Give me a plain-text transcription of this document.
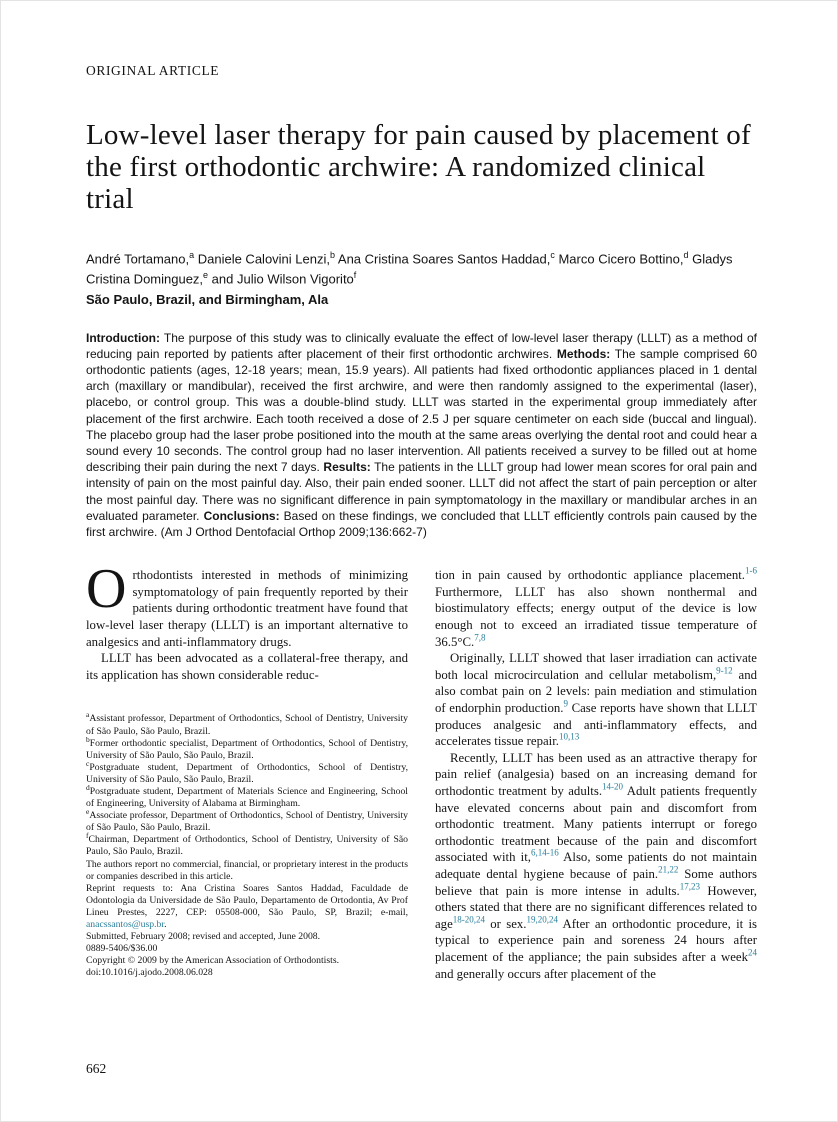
ORIGINAL ARTICLE
Low-level laser therapy for pain caused by placement of the first orthodontic archwire: A randomized clinical trial
André Tortamano,$^a$ Daniele Calovini Lenzi,$^b$ Ana Cristina Soares Santos Haddad,$^c$ Marco Cicero Bottino,$^d$ Gladys Cristina Dominguez,$^e$ and Julio Wilson Vigorito$^f$
São Paulo, Brazil, and Birmingham, Ala
Introduction: The purpose of this study was to clinically evaluate the effect of low-level laser therapy (LLLT) as a method of reducing pain reported by patients after placement of their first orthodontic archwires. Methods: The sample comprised 60 orthodontic patients (ages, 12-18 years; mean, 15.9 years). All patients had fixed orthodontic appliances placed in 1 dental arch (maxillary or mandibular), received the first archwire, and were then randomly assigned to the experimental (laser), placebo, or control group. This was a double-blind study. LLLT was started in the experimental group immediately after placement of the first archwire. Each tooth received a dose of 2.5 J per square centimeter on each side (buccal and lingual). The placebo group had the laser probe positioned into the mouth at the same areas overlying the dental root and could hear a sound every 10 seconds. The control group had no laser intervention. All patients received a survey to be filled out at home describing their pain during the next 7 days. Results: The patients in the LLLT group had lower mean scores for oral pain and intensity of pain on the most painful day. Also, their pain ended sooner. LLLT did not affect the start of pain perception or alter the most painful day. There was no significant difference in pain symptomatology in the maxillary or mandibular arches in an evaluated parameter. Conclusions: Based on these findings, we concluded that LLLT efficiently controls pain caused by the first archwire. (Am J Orthod Dentofacial Orthop 2009;136:662-7)

Orthodontists interested in methods of minimizing symptomatology of pain frequently reported by their patients during orthodontic treatment have found that low-level laser therapy (LLLT) is an important alternative to analgesics and anti-inflammatory drugs.

LLLT has been advocated as a collateral-free therapy, and its application has shown considerable reduc-

$^a$Assistant professor, Department of Orthodontics, School of Dentistry, University of São Paulo, São Paulo, Brazil.

$^b$Former orthodontic specialist, Department of Orthodontics, School of Dentistry, University of São Paulo, São Paulo, Brazil.

$^c$Postgraduate student, Department of Orthodontics, School of Dentistry, University of São Paulo, São Paulo, Brazil.

$^d$Postgraduate student, Department of Materials Science and Engineering, School of Engineering, University of Alabama at Birmingham.

$^e$Associate professor, Department of Orthodontics, School of Dentistry, University of São Paulo, São Paulo, Brazil.

$^f$Chairman, Department of Orthodontics, School of Dentistry, University of São Paulo, São Paulo, Brazil.

The authors report no commercial, financial, or proprietary interest in the products or companies described in this article.

Reprint requests to: Ana Cristina Soares Santos Haddad, Faculdade de Odontologia da Universidade de São Paulo, Departamento de Ortodontia, Av Prof Lineu Prestes, 2227, CEP: 05508-000, São Paulo, SP, Brazil; e-mail, anacssantos@usp.br.

Submitted, February 2008; revised and accepted, June 2008.

0889-5406/$36.00

Copyright © 2009 by the American Association of Orthodontists.

doi:10.1016/j.ajodo.2008.06.028

tion in pain caused by orthodontic appliance placement.$^{1-6}$ Furthermore, LLLT has also shown nonthermal and biostimulatory effects; energy output of the device is low enough not to exceed an irradiated tissue temperature of 36.5°C.$^{7,8}$

Originally, LLLT showed that laser irradiation can activate both local microcirculation and cellular metabolism,$^{9-12}$ and also combat pain on 2 levels: pain mediation and stimulation of endorphin production.$^9$ Case reports have shown that LLLT produces analgesic and anti-inflammatory effects, and accelerates tissue repair.$^{10,13}$

Recently, LLLT has been used as an attractive therapy for pain relief (analgesia) based on an increasing demand for orthodontic treatment by adults.$^{14-20}$ Adult patients frequently have elevated concerns about pain and discomfort from orthodontic treatment. Many patients interrupt or forego orthodontic treatment because of the pain and discomfort associated with it,$^{6,14-16}$ Also, some patients do not maintain adequate dental hygiene because of pain.$^{21,22}$ Some authors believe that pain is more intense in adults.$^{17,23}$ However, others stated that there are no significant differences related to age$^{18-20,24}$ or sex.$^{19,20,24}$ After an orthodontic procedure, it is typical to experience pain and soreness 24 hours after placement of the appliance; the pain subsides after a week$^{24}$ and generally occurs after placement of the

662
